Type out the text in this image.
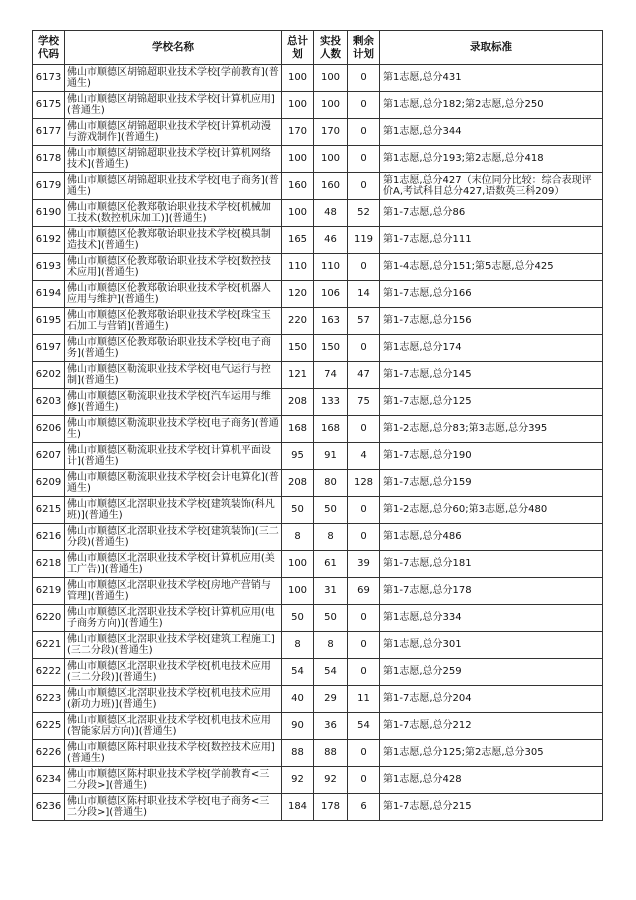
学校代码	学校名称	总计划	实投人数	剩余计划	录取标准
6173	佛山市顺德区胡锦超职业技术学校[学前教育](普通生)	100	100	0	第1志愿,总分431
6175	佛山市顺德区胡锦超职业技术学校[计算机应用](普通生)	100	100	0	第1志愿,总分182;第2志愿,总分250
6177	佛山市顺德区胡锦超职业技术学校[计算机动漫与游戏制作](普通生)	170	170	0	第1志愿,总分344
6178	佛山市顺德区胡锦超职业技术学校[计算机网络技术](普通生)	100	100	0	第1志愿,总分193;第2志愿,总分418
6179	佛山市顺德区胡锦超职业技术学校[电子商务](普通生)	160	160	0	第1志愿,总分427（末位同分比较：综合表现评价A,考试科目总分427,语数英三科209）
6190	佛山市顺德区伦教郑敬诒职业技术学校[机械加工技术(数控机床加工)](普通生)	100	48	52	第1-7志愿,总分86
6192	佛山市顺德区伦教郑敬诒职业技术学校[模具制造技术](普通生)	165	46	119	第1-7志愿,总分111
6193	佛山市顺德区伦教郑敬诒职业技术学校[数控技术应用](普通生)	110	110	0	第1-4志愿,总分151;第5志愿,总分425
6194	佛山市顺德区伦教郑敬诒职业技术学校[机器人应用与维护](普通生)	120	106	14	第1-7志愿,总分166
6195	佛山市顺德区伦教郑敬诒职业技术学校[珠宝玉石加工与营销](普通生)	220	163	57	第1-7志愿,总分156
6197	佛山市顺德区伦教郑敬诒职业技术学校[电子商务](普通生)	150	150	0	第1志愿,总分174
6202	佛山市顺德区勒流职业技术学校[电气运行与控制](普通生)	121	74	47	第1-7志愿,总分145
6203	佛山市顺德区勒流职业技术学校[汽车运用与维修](普通生)	208	133	75	第1-7志愿,总分125
6206	佛山市顺德区勒流职业技术学校[电子商务](普通生)	168	168	0	第1-2志愿,总分83;第3志愿,总分395
6207	佛山市顺德区勒流职业技术学校[计算机平面设计](普通生)	95	91	4	第1-7志愿,总分190
6209	佛山市顺德区勒流职业技术学校[会计电算化](普通生)	208	80	128	第1-7志愿,总分159
6215	佛山市顺德区北滘职业技术学校[建筑装饰(科凡班)](普通生)	50	50	0	第1-2志愿,总分60;第3志愿,总分480
6216	佛山市顺德区北滘职业技术学校[建筑装饰](三二分段)(普通生)	8	8	0	第1志愿,总分486
6218	佛山市顺德区北滘职业技术学校[计算机应用(美工广告)](普通生)	100	61	39	第1-7志愿,总分181
6219	佛山市顺德区北滘职业技术学校[房地产营销与管理](普通生)	100	31	69	第1-7志愿,总分178
6220	佛山市顺德区北滘职业技术学校[计算机应用(电子商务方向)](普通生)	50	50	0	第1志愿,总分334
6221	佛山市顺德区北滘职业技术学校[建筑工程施工](三二分段)(普通生)	8	8	0	第1志愿,总分301
6222	佛山市顺德区北滘职业技术学校[机电技术应用(三二分段)](普通生)	54	54	0	第1志愿,总分259
6223	佛山市顺德区北滘职业技术学校[机电技术应用(新功力班)](普通生)	40	29	11	第1-7志愿,总分204
6225	佛山市顺德区北滘职业技术学校[机电技术应用(智能家居方向)](普通生)	90	36	54	第1-7志愿,总分212
6226	佛山市顺德区陈村职业技术学校[数控技术应用](普通生)	88	88	0	第1志愿,总分125;第2志愿,总分305
6234	佛山市顺德区陈村职业技术学校[学前教育<三二分段>](普通生)	92	92	0	第1志愿,总分428
6236	佛山市顺德区陈村职业技术学校[电子商务<三二分段>](普通生)	184	178	6	第1-7志愿,总分215
